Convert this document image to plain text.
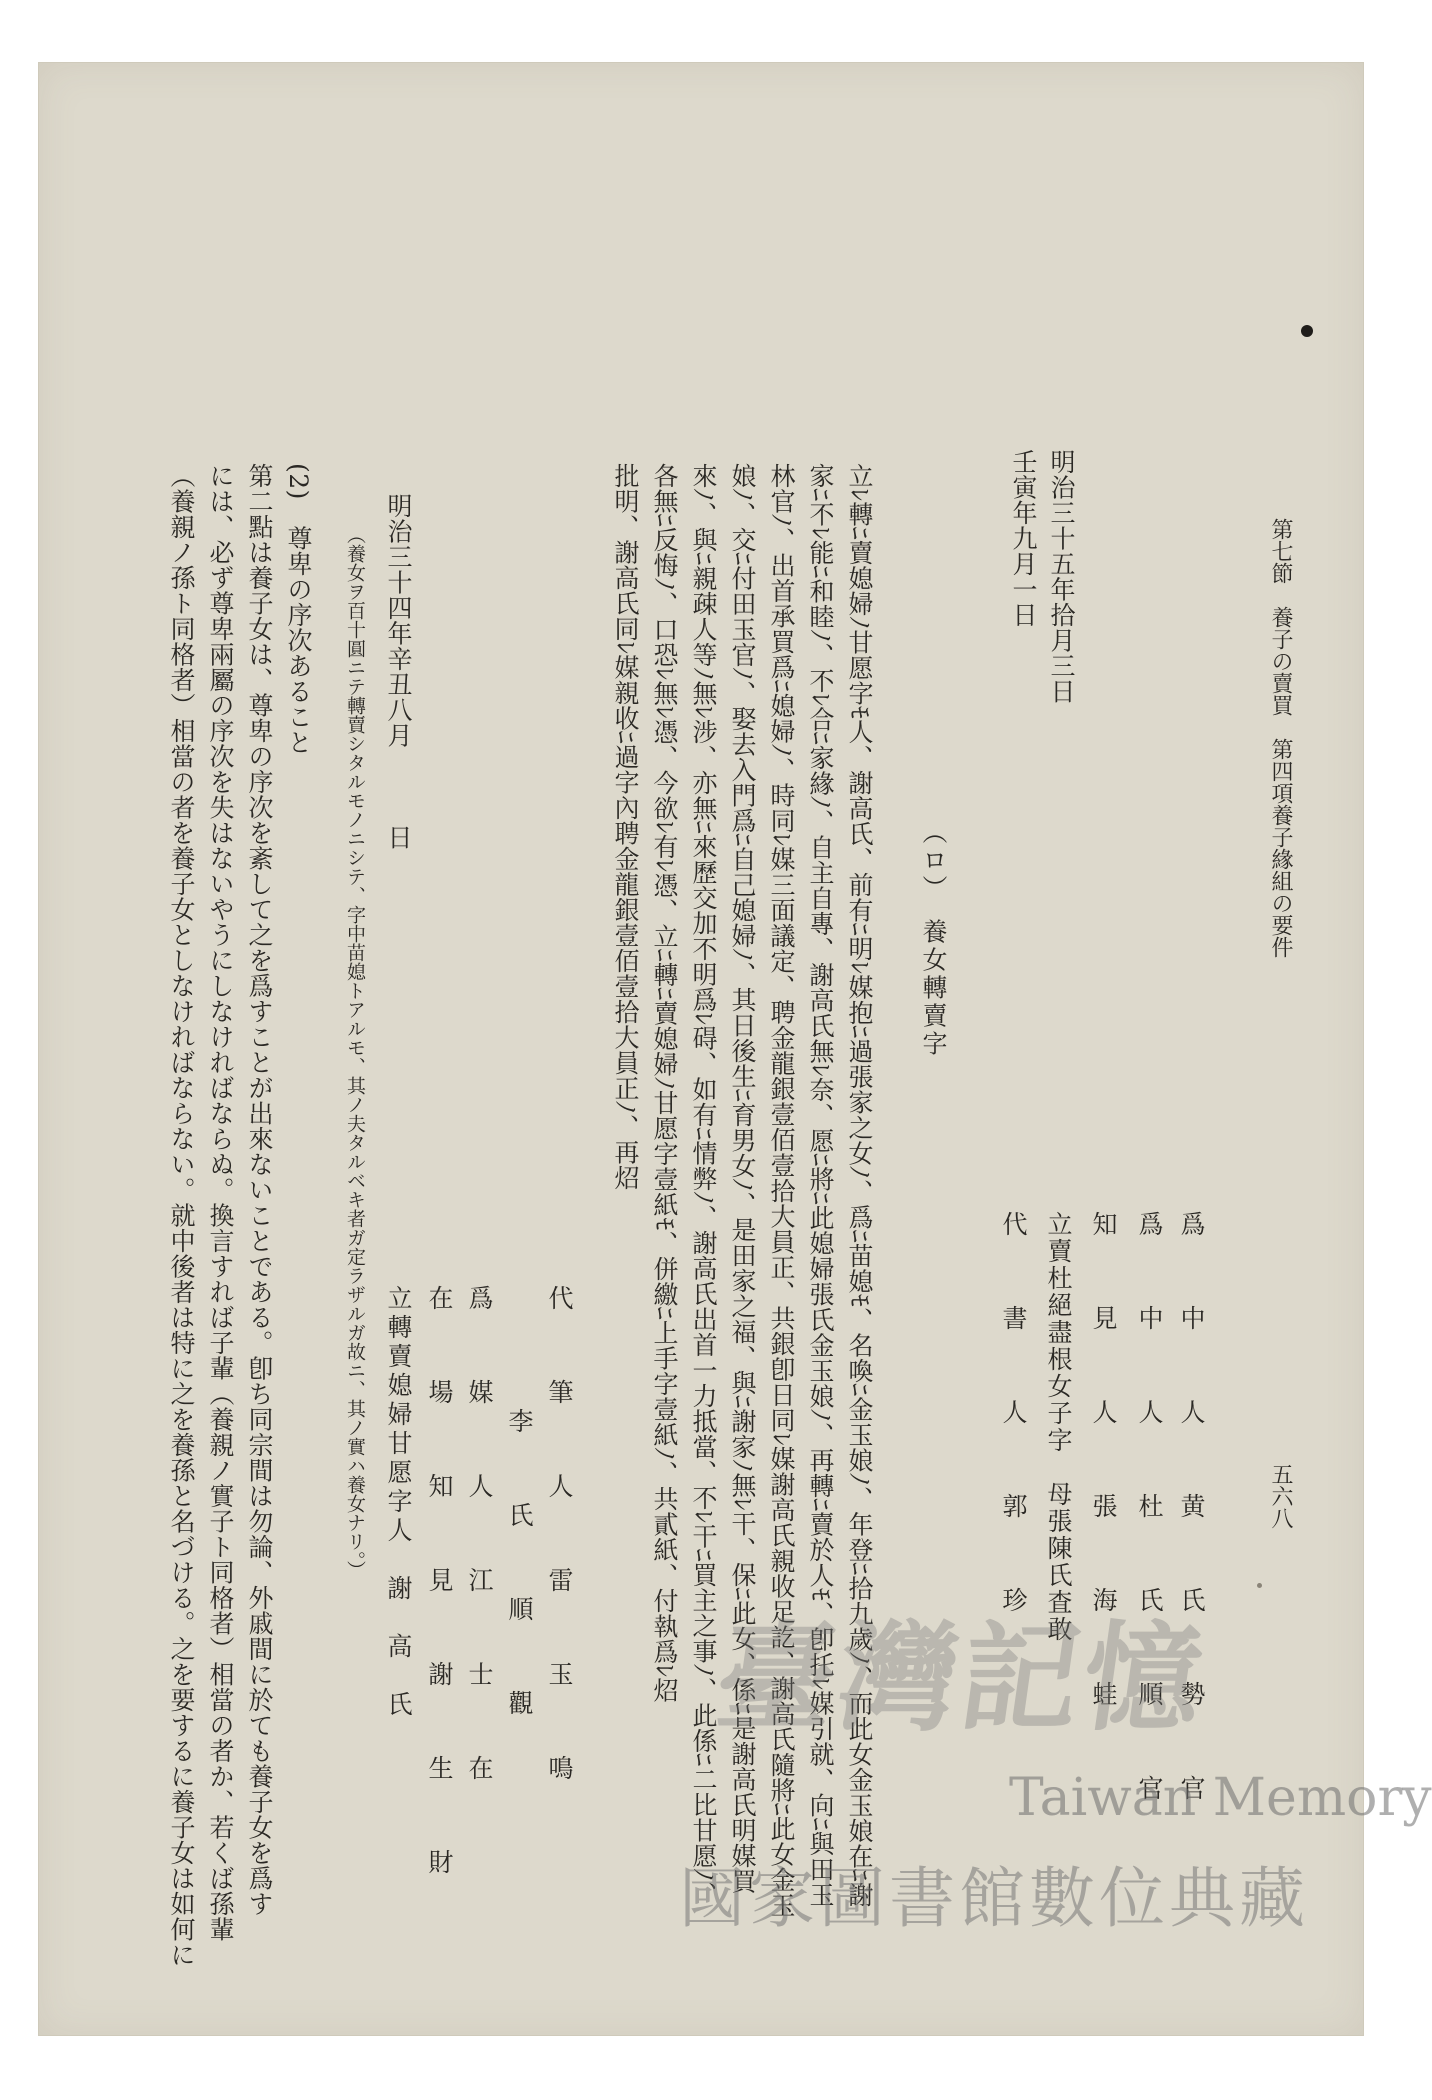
第七節　養子の賣買　第四項養子緣組の要件
五六八
爲　中　人　黄　氏　勢　官
爲　中　人　杜　氏　順　官
知　見　人　張　海　蛙
立賣杜絕盡根女子字　母張陳氏査敢
代　書　人　郭　珍
明治三十五年拾月三日
壬寅年九月一日
（ロ）　養女轉賣字
立ﾚ轉ﾆ賣媳婦ﾉ甘愿字ﾓ人、謝高氏、前有ﾆ明ﾚ媒抱ﾆ過張家之女ﾉ、爲ﾆ苗媳ﾓ、名喚ﾆ金玉娘ﾉ、年登ﾆ拾九歲ﾉ、而此女金玉娘在ﾆ謝
家ﾆ不ﾚ能ﾆ和睦ﾉ、不ﾚ合ﾆ家緣ﾉ、自主自專、謝高氏無ﾚ奈、愿ﾆ將ﾆ此媳婦張氏金玉娘ﾉ、再轉ﾆ賣於人ﾓ、卽托ﾚ媒引就、向ﾆ與田玉
林官ﾉ、出首承買爲ﾆ媳婦ﾉ、時同ﾚ媒三面議定、聘金龍銀壹佰壹拾大員正、共銀卽日同ﾚ媒謝高氏親收足訖、謝高氏隨將ﾆ此女金玉
娘ﾉ、交ﾆ付田玉官ﾉ、娶去入門爲ﾆ自己媳婦ﾉ、其日後生ﾆ育男女ﾉ、是田家之福、與ﾆ謝家ﾉ無ﾚ干、保ﾆ此女、係ﾆ是謝高氏明媒買
來ﾉ、與ﾆ親疎人等ﾉ無ﾚ涉、亦無ﾆ來歷交加不明爲ﾚ碍、如有ﾆ情弊ﾉ、謝高氏出首一力抵當、不ﾚ干ﾆ買主之事ﾉ、此係ﾆ二比甘愿ﾉ、
各無ﾆ反悔ﾉ、口恐ﾚ無ﾚ憑、今欲ﾚ有ﾚ憑、立ﾆ轉ﾆ賣媳婦ﾉ甘愿字壹紙ﾓ、併繳ﾆ上手字壹紙ﾉ、共貳紙、付執爲ﾚ炤
批明、謝高氏同ﾚ媒親收ﾆ過字內聘金龍銀壹佰壹拾大員正ﾉ、再炤
代　筆　人　雷　玉　鳴
李　氏　順　觀
爲　媒　人　江　士　在
在　場　知　見　謝　生　財
立轉賣媳婦甘愿字人　謝　高　氏
明治三十四年辛丑八月　　　日
（養女ヲ百十圓ニテ轉賣シタルモノニシテ、字中苗媳トアルモ、其ノ夫タルベキ者ガ定ラザルガ故ニ、其ノ實ハ養女ナリ。）
(2)　尊卑の序次あること
第二點は養子女は、尊卑の序次を紊して之を爲すことが出來ないことである。卽ち同宗間は勿論、外戚間に於ても養子女を爲す
には、必ず尊卑兩屬の序次を失はないやうにしなければならぬ。換言すれば子輩（養親ノ實子ト同格者）相當の者か、若くば孫輩
（養親ノ孫ト同格者）相當の者を養子女としなければならない。就中後者は特に之を養孫と名づける。之を要するに養子女は如何に	臺灣記憶
Taiwan Memory
國家圖書館數位典藏
